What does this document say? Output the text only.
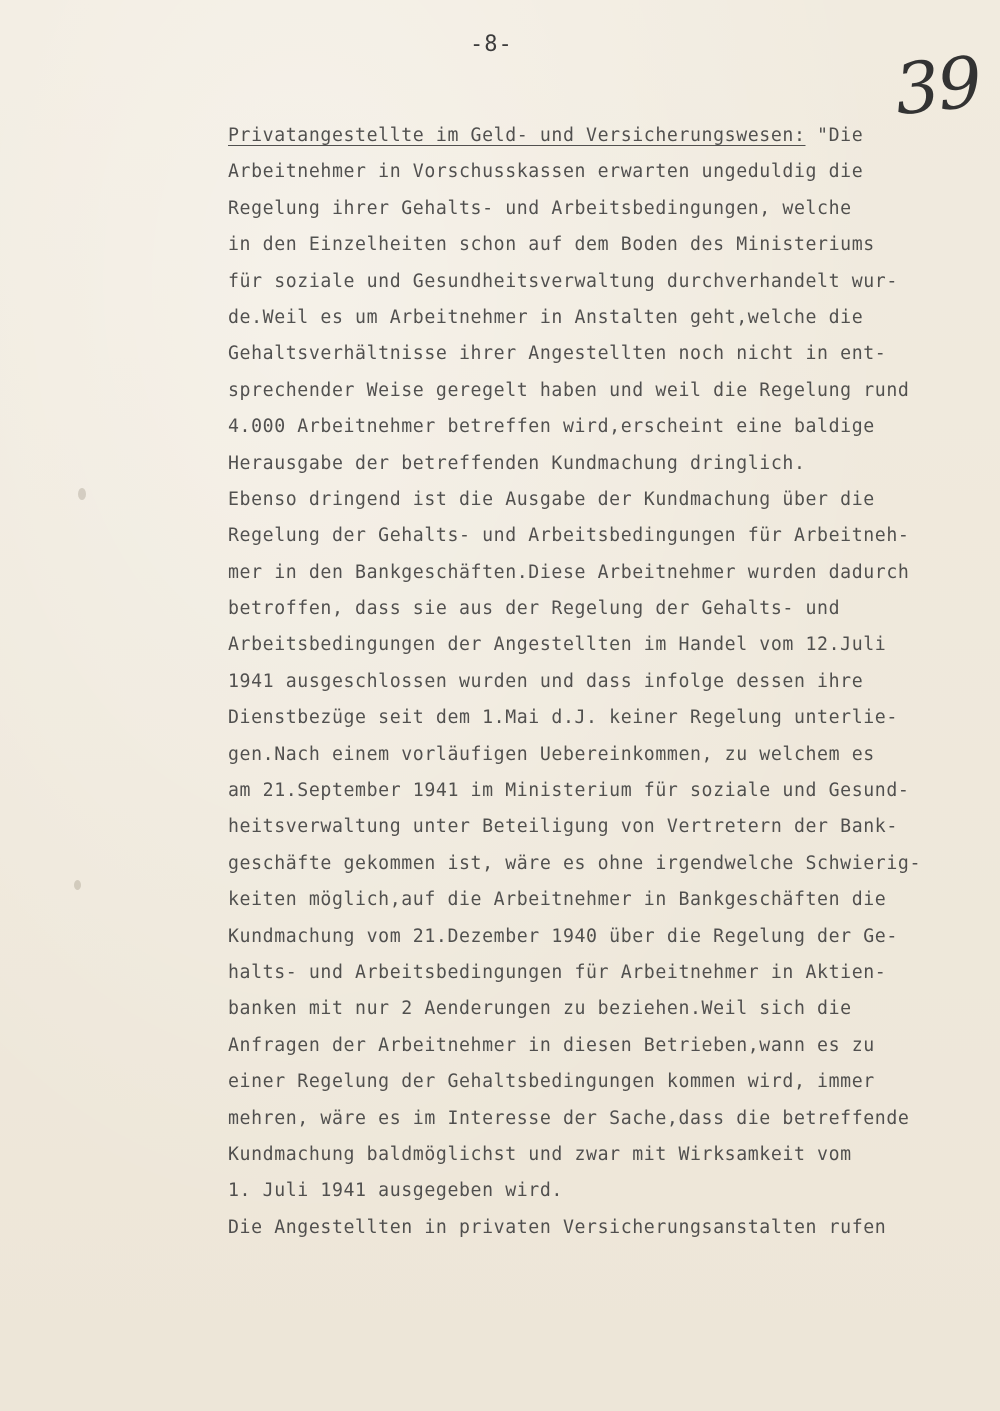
-8-	39
Privatangestellte im Geld- und Versicherungswesen: "Die
Arbeitnehmer in Vorschusskassen erwarten ungeduldig die
Regelung ihrer Gehalts- und Arbeitsbedingungen, welche
in den Einzelheiten schon auf dem Boden des Ministeriums
für soziale und Gesundheitsverwaltung durchverhandelt wur-
de.Weil es um Arbeitnehmer in Anstalten geht,welche die
Gehaltsverhältnisse ihrer Angestellten noch nicht in ent-
sprechender Weise geregelt haben und weil die Regelung rund
4.000 Arbeitnehmer betreffen wird,erscheint eine baldige
Herausgabe der betreffenden Kundmachung dringlich.
Ebenso dringend ist die Ausgabe der Kundmachung über die
Regelung der Gehalts- und Arbeitsbedingungen für Arbeitneh-
mer in den Bankgeschäften.Diese Arbeitnehmer wurden dadurch
betroffen, dass sie aus der Regelung der Gehalts- und
Arbeitsbedingungen der Angestellten im Handel vom 12.Juli
1941 ausgeschlossen wurden und dass infolge dessen ihre
Dienstbezüge seit dem 1.Mai d.J. keiner Regelung unterlie-
gen.Nach einem vorläufigen Uebereinkommen, zu welchem es
am 21.September 1941 im Ministerium für soziale und Gesund-
heitsverwaltung unter Beteiligung von Vertretern der Bank-
geschäfte gekommen ist, wäre es ohne irgendwelche Schwierig-
keiten möglich,auf die Arbeitnehmer in Bankgeschäften die
Kundmachung vom 21.Dezember 1940 über die Regelung der Ge-
halts- und Arbeitsbedingungen für Arbeitnehmer in Aktien-
banken mit nur 2 Aenderungen zu beziehen.Weil sich die
Anfragen der Arbeitnehmer in diesen Betrieben,wann es zu
einer Regelung der Gehaltsbedingungen kommen wird, immer
mehren, wäre es im Interesse der Sache,dass die betreffende
Kundmachung baldmöglichst und zwar mit Wirksamkeit vom
1. Juli 1941 ausgegeben wird.
Die Angestellten in privaten Versicherungsanstalten rufen
